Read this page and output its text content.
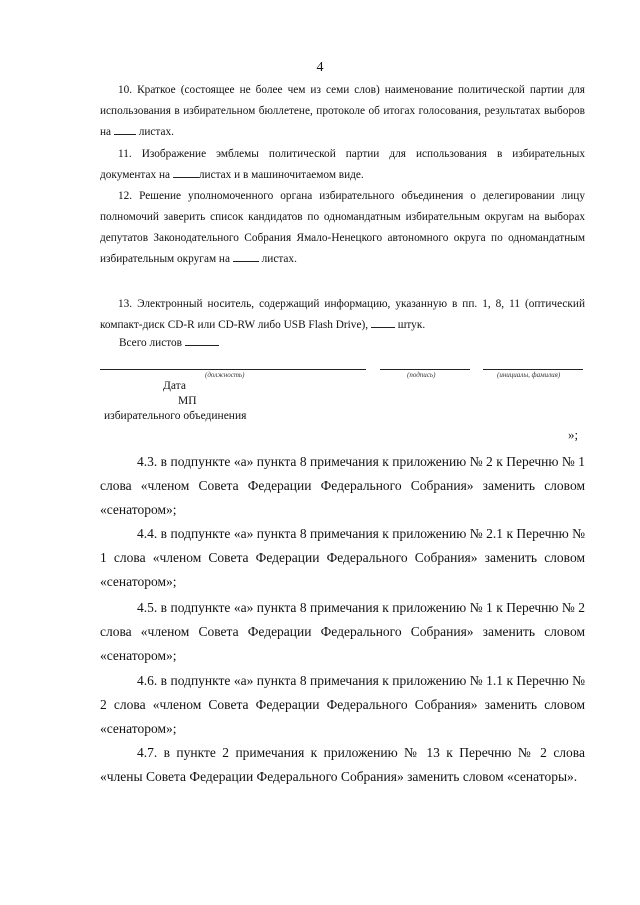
4

10. Краткое (состоящее не более чем из семи слов) наименование политической партии для использования в избирательном бюллетене, протоколе об итогах голосования, результатах выборов на  листах.

11. Изображение эмблемы политической партии для использования в избирательных документах на листах и в машиночитаемом виде.

12. Решение уполномоченного органа избирательного объединения о делегировании лицу полномочий заверить список кандидатов по одномандатным избирательным округам на выборах депутатов Законодательного Собрания Ямало-Ненецкого автономного округа по одномандатным избирательным округам на  листах.

13. Электронный носитель, содержащий информацию, указанную в пп. 1, 8, 11 (оптический компакт-диск CD-R или CD-RW либо USB Flash Drive),  штук.

Всего листов
(должность)	(подпись)	(инициалы, фамилия)
Дата
МП
избирательного объединения
»;

4.3. в подпункте «а» пункта 8 примечания к приложению № 2 к Перечню № 1 слова «членом Совета Федерации Федерального Собрания» заменить словом «сенатором»;

4.4. в подпункте «а» пункта 8 примечания к приложению № 2.1 к Перечню № 1 слова «членом Совета Федерации Федерального Собрания» заменить словом «сенатором»;

4.5. в подпункте «а» пункта 8 примечания к приложению № 1 к Перечню № 2 слова «членом Совета Федерации Федерального Собрания» заменить словом «сенатором»;

4.6. в подпункте «а» пункта 8 примечания к приложению № 1.1 к Перечню № 2 слова «членом Совета Федерации Федерального Собрания» заменить словом «сенатором»;

4.7. в пункте 2 примечания к приложению № 13 к Перечню № 2 слова «члены Совета Федерации Федерального Собрания» заменить словом «сенаторы».
